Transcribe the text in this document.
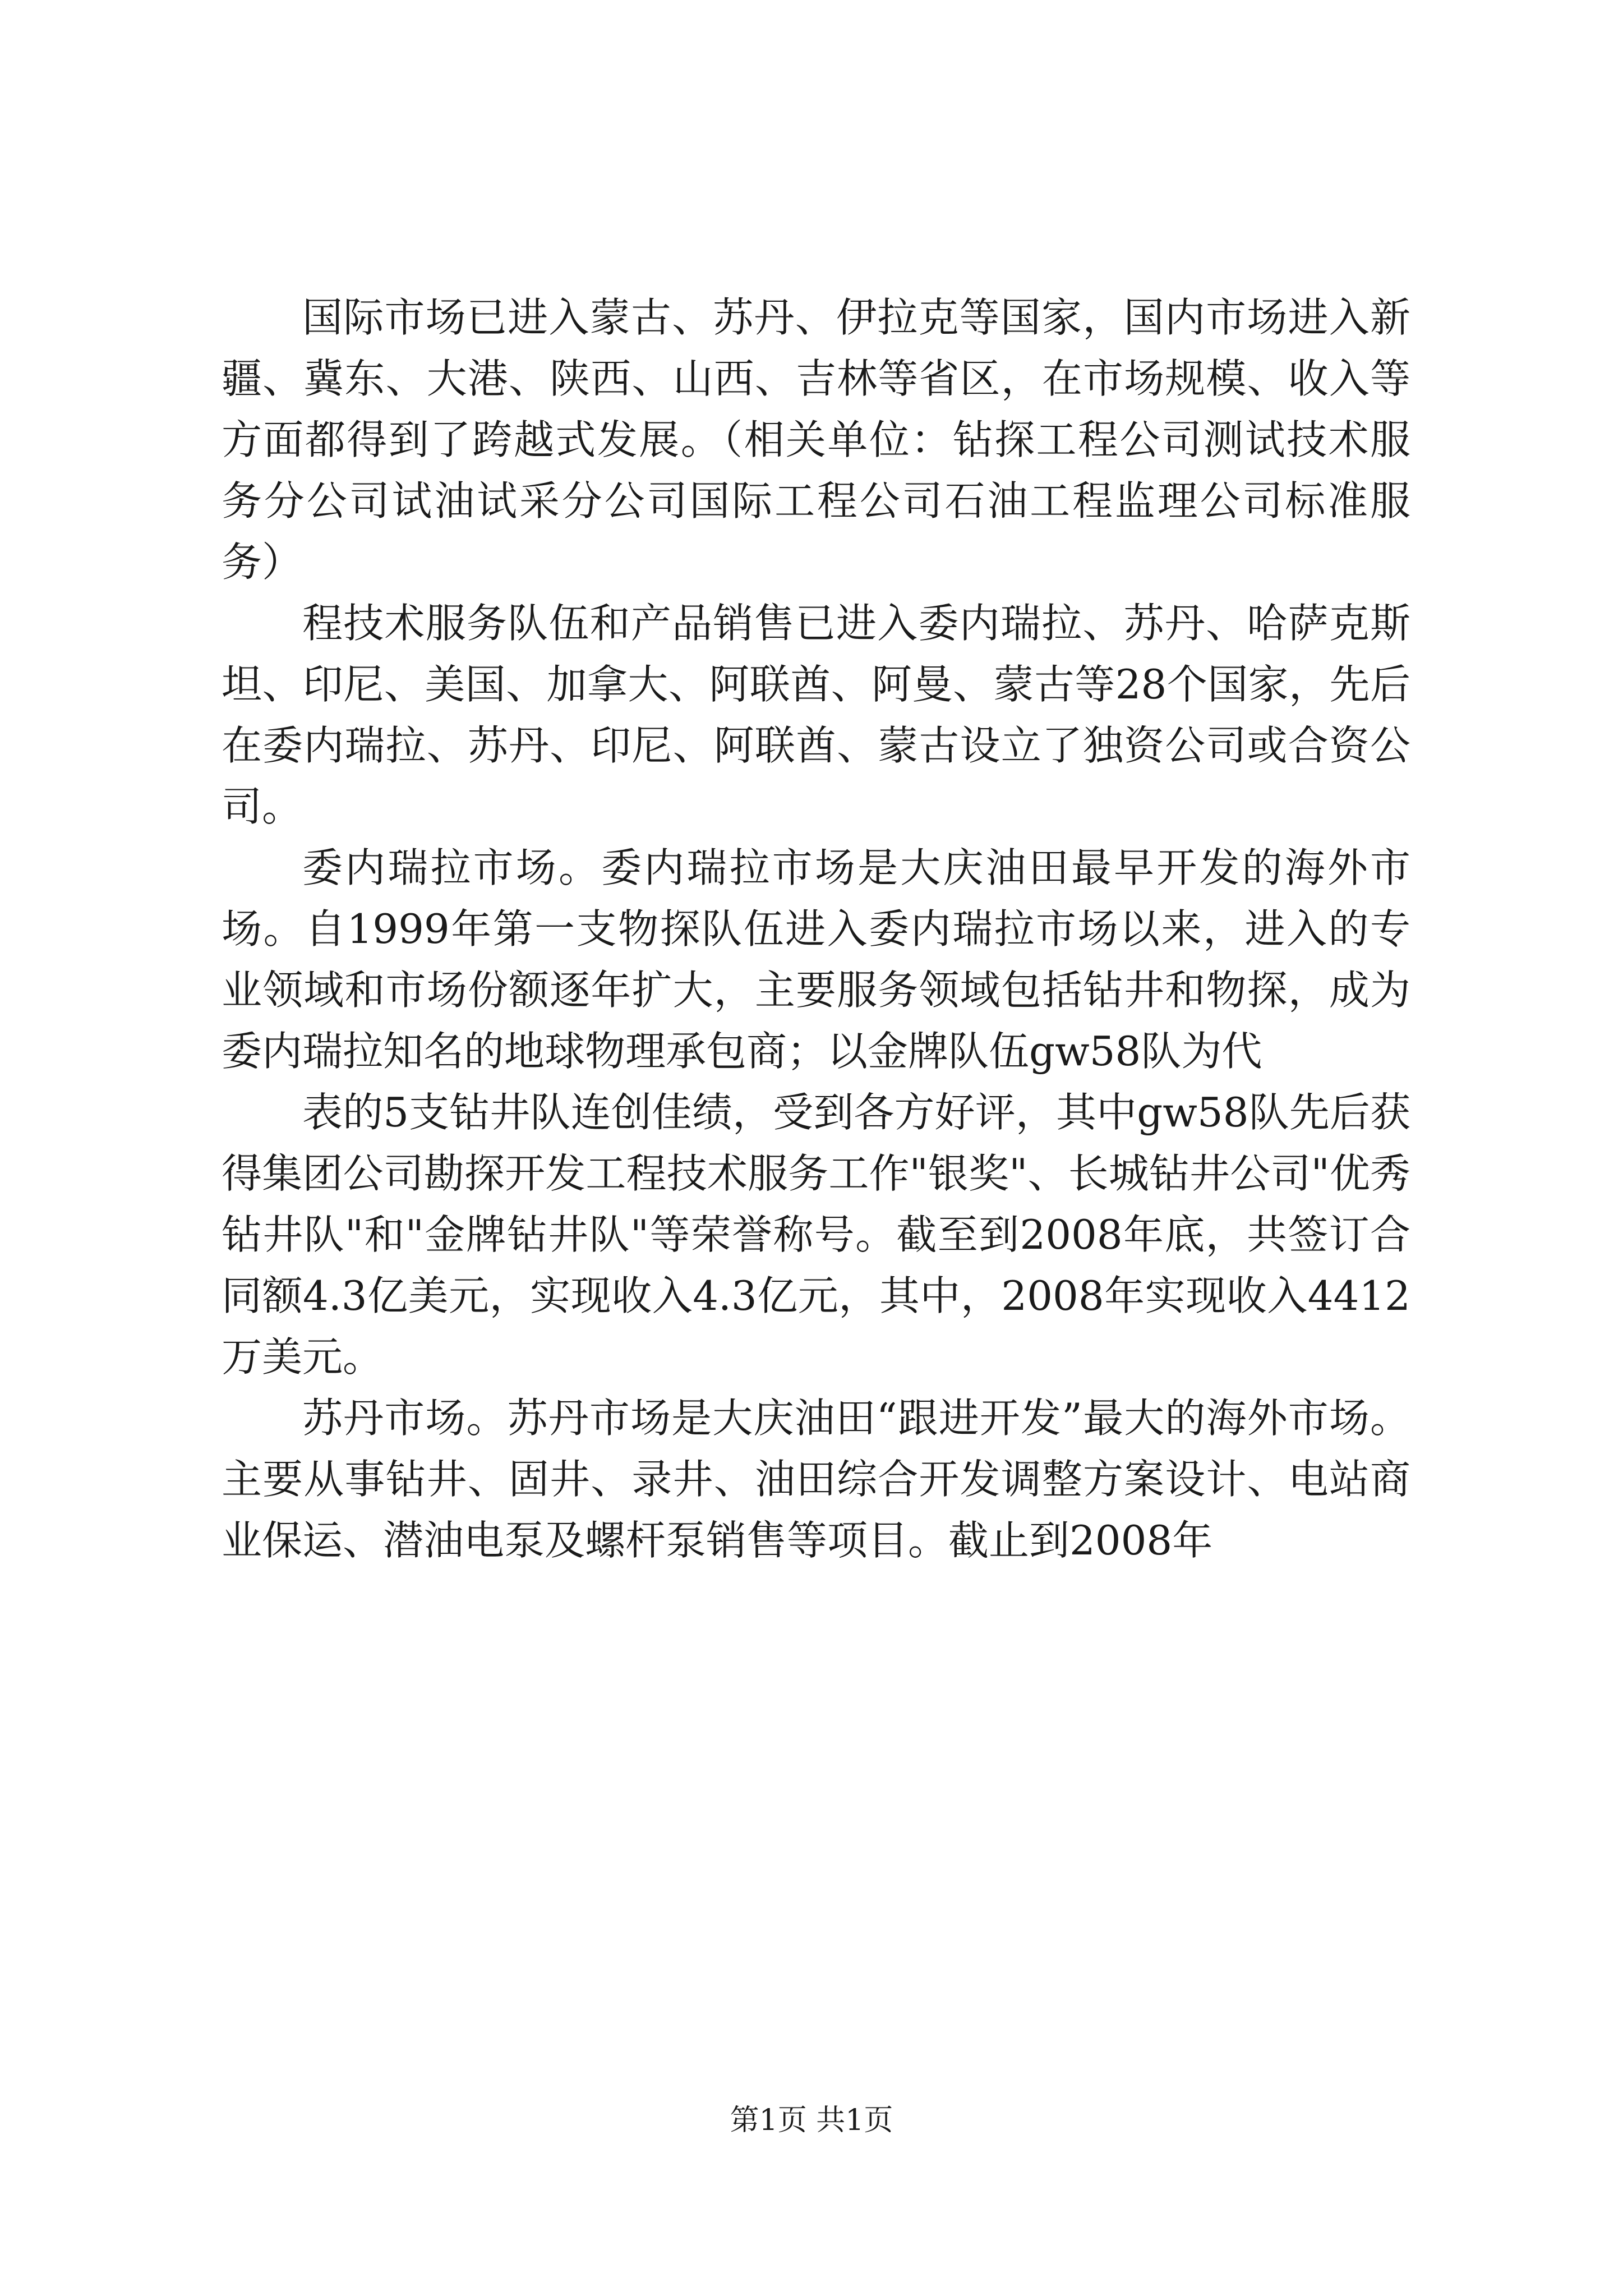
国际市场已进入蒙古、苏丹、伊拉克等国家，国内市场进入新疆、冀东、大港、陕西、山西、吉林等省区，在市场规模、收入等方面都得到了跨越式发展。（相关单位：钻探工程公司测试技术服务分公司试油试采分公司国际工程公司石油工程监理公司标准服务）

程技术服务队伍和产品销售已进入委内瑞拉、苏丹、哈萨克斯坦、印尼、美国、加拿大、阿联酋、阿曼、蒙古等28个国家，先后在委内瑞拉、苏丹、印尼、阿联酋、蒙古设立了独资公司或合资公司。

委内瑞拉市场。委内瑞拉市场是大庆油田最早开发的海外市场。自1999年第一支物探队伍进入委内瑞拉市场以来，进入的专业领域和市场份额逐年扩大，主要服务领域包括钻井和物探，成为委内瑞拉知名的地球物理承包商；以金牌队伍gw58队为代

表的5支钻井队连创佳绩，受到各方好评，其中gw58队先后获得集团公司勘探开发工程技术服务工作"银奖"、长城钻井公司"优秀钻井队"和"金牌钻井队"等荣誉称号。截至到2008年底，共签订合同额4.3亿美元，实现收入4.3亿元，其中，2008年实现收入4412万美元。

苏丹市场。苏丹市场是大庆油田“跟进开发”最大的海外市场。主要从事钻井、固井、录井、油田综合开发调整方案设计、电站商业保运、潜油电泵及螺杆泵销售等项目。截止到2008年

第1页 共1页
